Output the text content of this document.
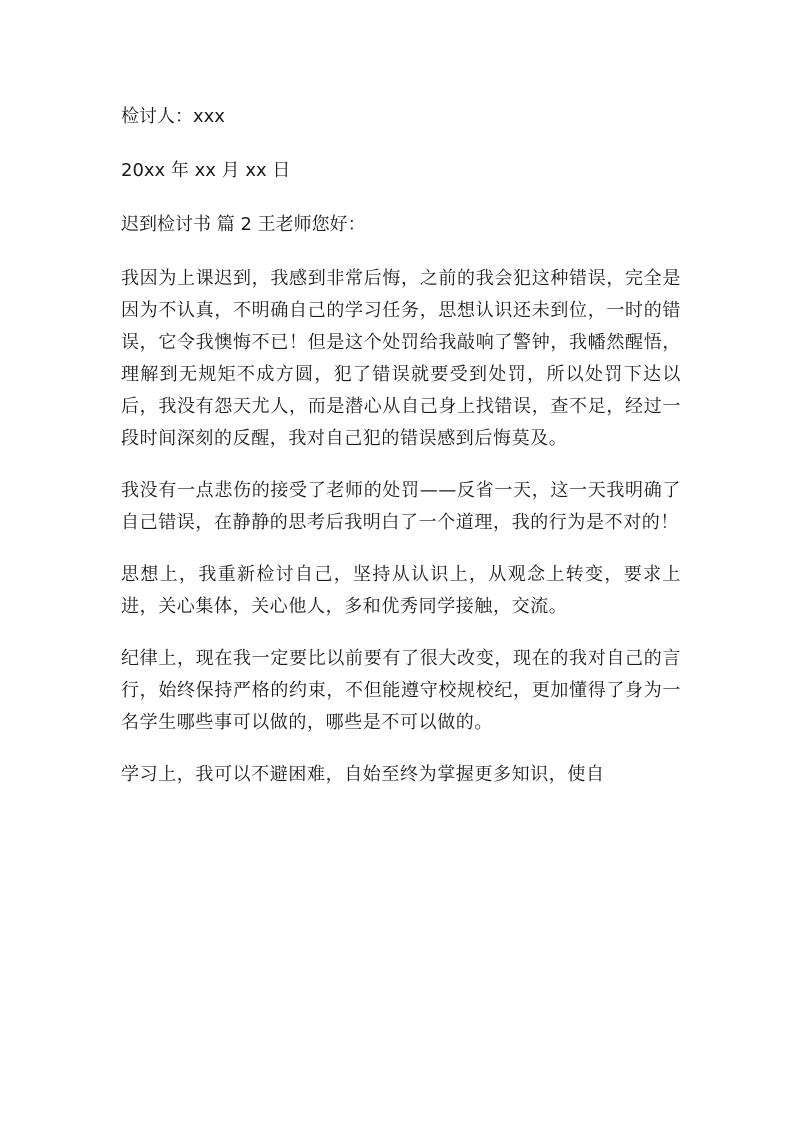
检讨人：xxx

20xx 年 xx 月 xx 日

迟到检讨书 篇 2 王老师您好：

我因为上课迟到，我感到非常后悔，之前的我会犯这种错误，完全是因为不认真，不明确自己的学习任务，思想认识还未到位，一时的错误，它令我懊悔不已！但是这个处罚给我敲响了警钟，我幡然醒悟，理解到无规矩不成方圆，犯了错误就要受到处罚，所以处罚下达以后，我没有怨天尤人，而是潜心从自己身上找错误，查不足，经过一段时间深刻的反醒，我对自己犯的错误感到后悔莫及。

我没有一点悲伤的接受了老师的处罚——反省一天，这一天我明确了自己错误，在静静的思考后我明白了一个道理，我的行为是不对的！

思想上，我重新检讨自己，坚持从认识上，从观念上转变，要求上进，关心集体，关心他人，多和优秀同学接触，交流。

纪律上，现在我一定要比以前要有了很大改变，现在的我对自己的言行，始终保持严格的约束，不但能遵守校规校纪，更加懂得了身为一名学生哪些事可以做的，哪些是不可以做的。

学习上，我可以不避困难，自始至终为掌握更多知识，使自
